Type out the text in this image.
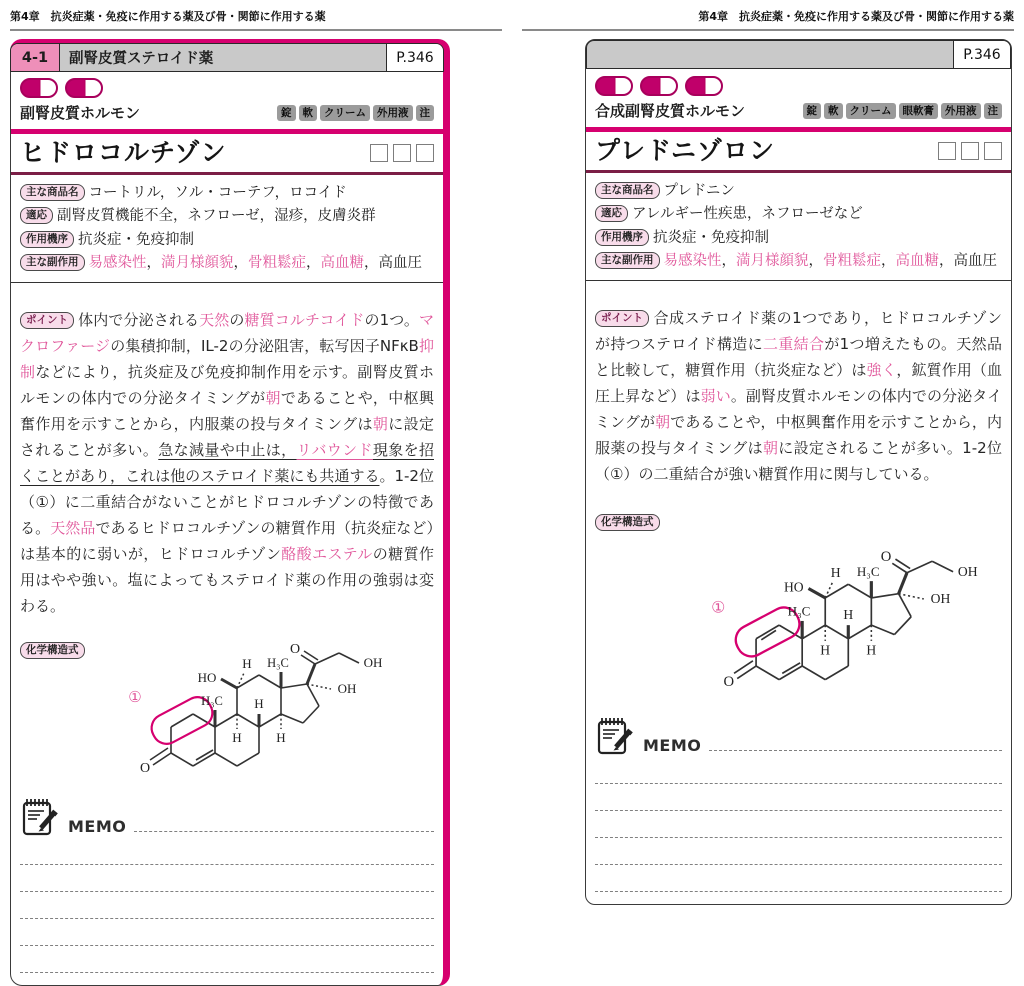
第4章　抗炎症薬・免疫に作用する薬及び骨・関節に作用する薬
4-1	副腎皮質ステロイド薬	P.346
副腎皮質ホルモン	錠	軟	クリーム	外用液	注
ヒドロコルチゾン
主な商品名 コートリル，ソル・コーテフ，ロコイド
適応 副腎皮質機能不全，ネフローゼ，湿疹，皮膚炎群
作用機序 抗炎症・免疫抑制
主な副作用 易感染性，満月様顔貌，骨粗鬆症，高血糖，高血圧

ポイント 体内で分泌される天然の糖質コルチコイドの1つ。マクロファージの集積抑制，IL-2の分泌阻害，転写因子NFκB抑制などにより，抗炎症及び免疫抑制作用を示す。副腎皮質ホルモンの体内での分泌タイミングが朝であることや，中枢興奮作用を示すことから，内服薬の投与タイミングは朝に設定されることが多い。急な減量や中止は，リバウンド現象を招くことがあり，これは他のステロイド薬にも共通する。1-2位（①）に二重結合がないことがヒドロコルチゾンの特徴である。天然品であるヒドロコルチゾンの糖質作用（抗炎症など）は基本的に弱いが，ヒドロコルチゾン酪酸エステルの糖質作用はやや強い。塩によってもステロイド薬の作用の強弱は変わる。

化学構造式
O
①	H₃C
H₃C
HO
H
O
OH
OH
H
H	H
MEMO
第4章　抗炎症薬・免疫に作用する薬及び骨・関節に作用する薬
P.346
合成副腎皮質ホルモン	錠	軟	クリーム	眼軟膏	外用液	注
プレドニゾロン
主な商品名 プレドニン
適応 アレルギー性疾患，ネフローゼなど
作用機序 抗炎症・免疫抑制
主な副作用 易感染性，満月様顔貌，骨粗鬆症，高血糖，高血圧

ポイント 合成ステロイド薬の1つであり，ヒドロコルチゾンが持つステロイド構造に二重結合が1つ増えたもの。天然品と比較して，糖質作用（抗炎症など）は強く，鉱質作用（血圧上昇など）は弱い。副腎皮質ホルモンの体内での分泌タイミングが朝であることや，中枢興奮作用を示すことから，内服薬の投与タイミングは朝に設定されることが多い。1-2位（①）の二重結合が強い糖質作用に関与している。

化学構造式
O
①	H₃C
H₃C
HO
H
O
OH
OH
H
H	H
MEMO
